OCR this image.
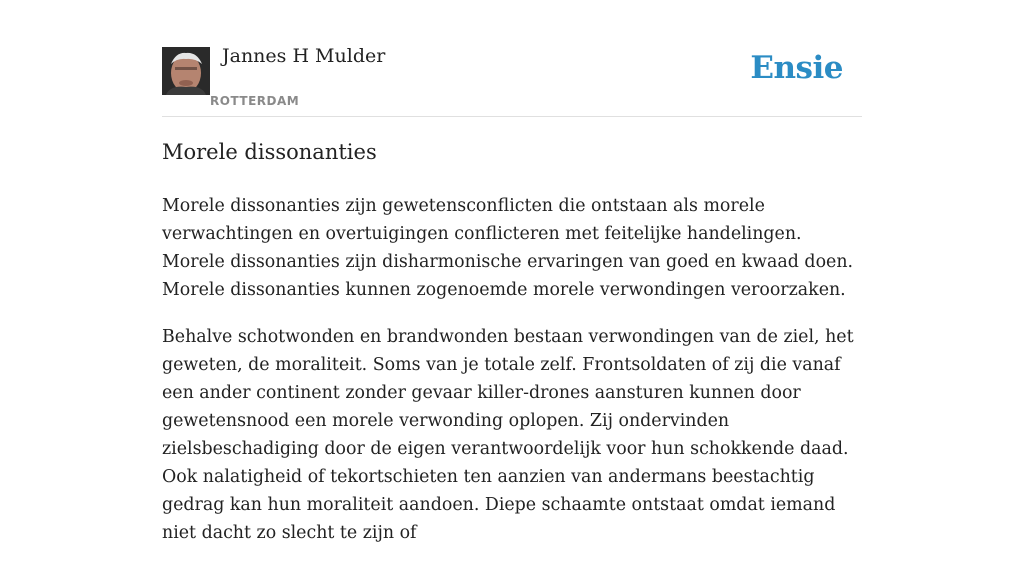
Jannes H Mulder
ROTTERDAM
Ensie
Morele dissonanties

Morele dissonanties zijn gewetensconflicten die ontstaan als morele verwachtingen en overtuigingen conflicteren met feitelijke handelingen. Morele dissonanties zijn disharmonische ervaringen van goed en kwaad doen. Morele dissonanties kunnen zogenoemde morele verwondingen veroorzaken.

Behalve schotwonden en brandwonden bestaan verwondingen van de ziel, het geweten, de moraliteit. Soms van je totale zelf. Frontsoldaten of zij die vanaf een ander continent zonder gevaar killer-drones aansturen kunnen door gewetensnood een morele verwonding oplopen. Zij ondervinden zielsbeschadiging door de eigen verantwoordelijk voor hun schokkende daad. Ook nalatigheid of tekortschieten ten aanzien van andermans beestachtig gedrag kan hun moraliteit aandoen. Diepe schaamte ontstaat omdat iemand niet dacht zo slecht te zijn of
